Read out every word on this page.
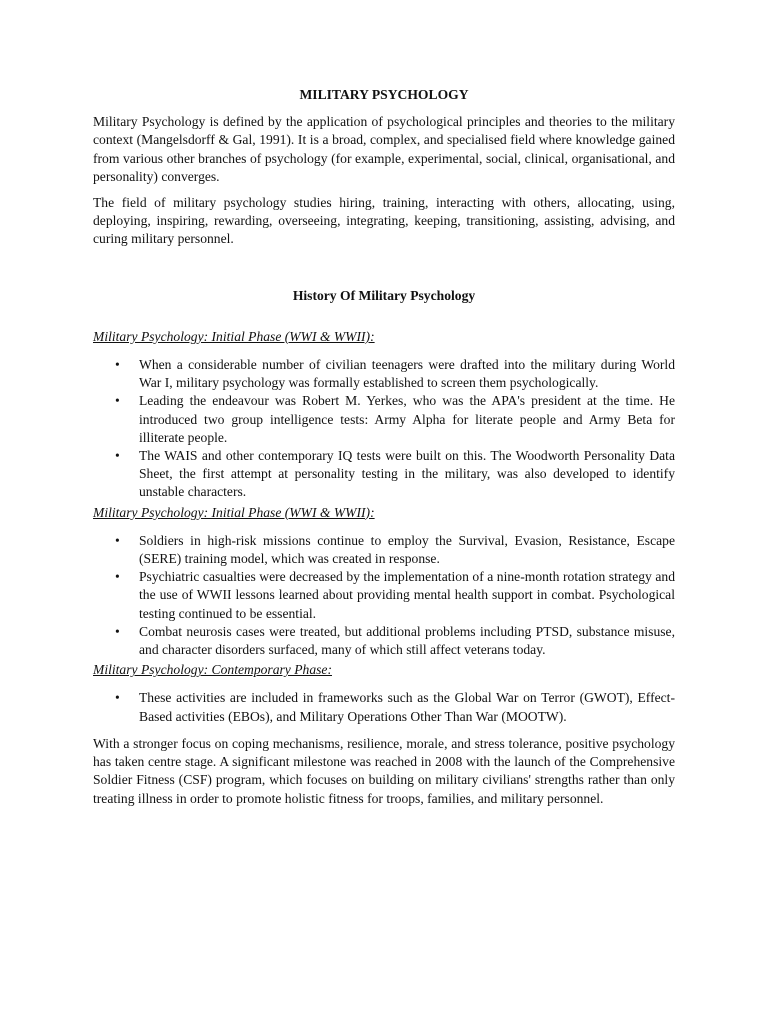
MILITARY PSYCHOLOGY

Military Psychology is defined by the application of psychological principles and theories to the military context (Mangelsdorff & Gal, 1991). It is a broad, complex, and specialised field where knowledge gained from various other branches of psychology (for example, experimental, social, clinical, organisational, and personality) converges.

The field of military psychology studies hiring, training, interacting with others, allocating, using, deploying, inspiring, rewarding, overseeing, integrating, keeping, transitioning, assisting, advising, and curing military personnel.

History Of Military Psychology
Military Psychology: Initial Phase (WWI & WWII):
• When a considerable number of civilian teenagers were drafted into the military during World War I, military psychology was formally established to screen them psychologically.
• Leading the endeavour was Robert M. Yerkes, who was the APA's president at the time. He introduced two group intelligence tests: Army Alpha for literate people and Army Beta for illiterate people.
• The WAIS and other contemporary IQ tests were built on this. The Woodworth Personality Data Sheet, the first attempt at personality testing in the military, was also developed to identify unstable characters.
Military Psychology: Initial Phase (WWI & WWII):
• Soldiers in high-risk missions continue to employ the Survival, Evasion, Resistance, Escape (SERE) training model, which was created in response.
• Psychiatric casualties were decreased by the implementation of a nine-month rotation strategy and the use of WWII lessons learned about providing mental health support in combat. Psychological testing continued to be essential.
• Combat neurosis cases were treated, but additional problems including PTSD, substance misuse, and character disorders surfaced, many of which still affect veterans today.
Military Psychology: Contemporary Phase:
• These activities are included in frameworks such as the Global War on Terror (GWOT), Effect-Based activities (EBOs), and Military Operations Other Than War (MOOTW).

With a stronger focus on coping mechanisms, resilience, morale, and stress tolerance, positive psychology has taken centre stage. A significant milestone was reached in 2008 with the launch of the Comprehensive Soldier Fitness (CSF) program, which focuses on building on military civilians' strengths rather than only treating illness in order to promote holistic fitness for troops, families, and military personnel.
